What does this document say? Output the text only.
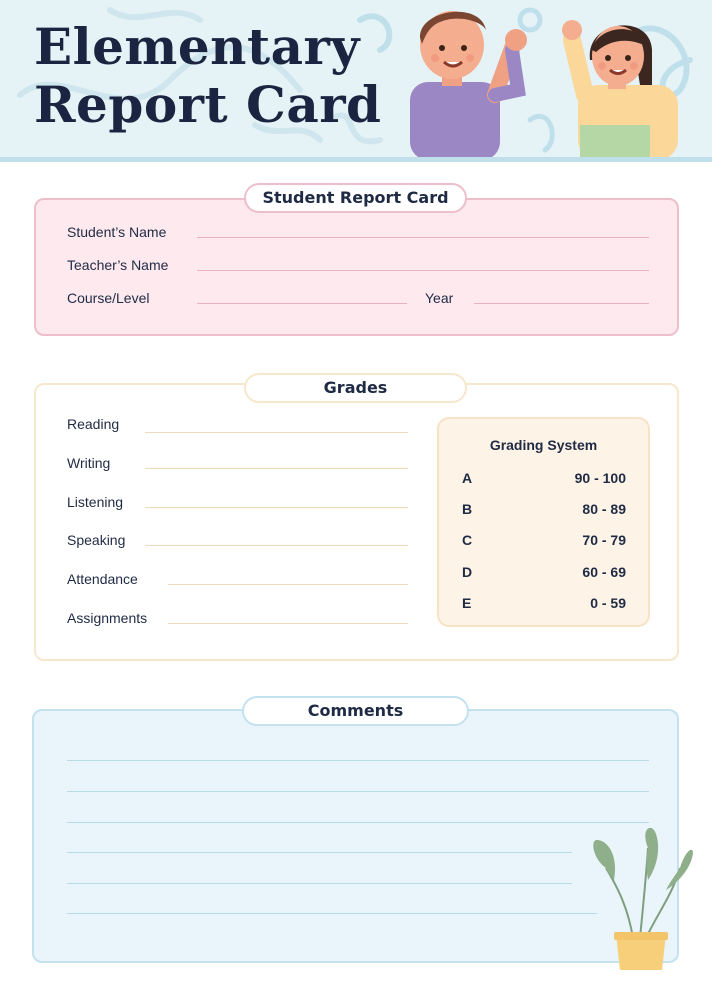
Elementary
Report Card
Student Report Card
Student’s Name
Teacher’s Name
Course/Level	Year
Grades
Reading
Writing
Listening
Speaking
Attendance
Assignments
Grading System
A	90 - 100
B	80 - 89
C	70 - 79
D	60 - 69
E	0 - 59
Comments
